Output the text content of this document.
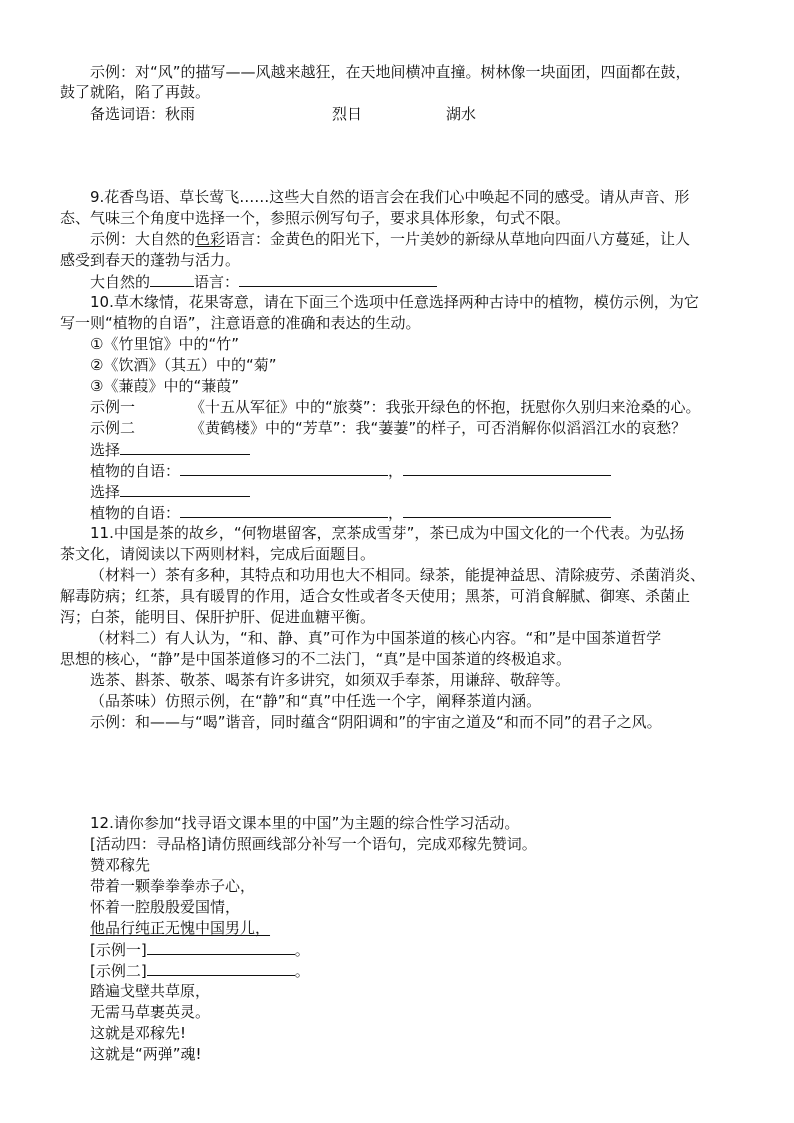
示例：对“风”的描写——风越来越狂，在天地间横冲直撞。树林像一块面团，四面都在鼓，
鼓了就陷，陷了再鼓。
备选词语：秋雨	烈日	湖水
9.花香鸟语、草长莺飞……这些大自然的语言会在我们心中唤起不同的感受。请从声音、形
态、气味三个角度中选择一个，参照示例写句子，要求具体形象，句式不限。
示例：大自然的色彩语言：金黄色的阳光下，一片美妙的新绿从草地向四面八方蔓延，让人
感受到春天的蓬勃与活力。
大自然的	语言：
10.草木缘情，花果寄意，请在下面三个选项中任意选择两种古诗中的植物，模仿示例，为它
写一则“植物的自语”，注意语意的准确和表达的生动。
①《竹里馆》中的“竹”
②《饮酒》（其五）中的“菊”
③《蒹葭》中的“蒹葭”
示例一	《十五从军征》中的“旅葵”：我张开绿色的怀抱，抚慰你久别归来沧桑的心。
示例二	《黄鹤楼》中的“芳草”：我“萋萋”的样子，可否消解你似滔滔江水的哀愁？
选择
植物的自语：	，
选择
植物的自语：	，
11.中国是茶的故乡，“何物堪留客，烹茶成雪芽”，茶已成为中国文化的一个代表。为弘扬
茶文化，请阅读以下两则材料，完成后面题目。
（材料一）茶有多种，其特点和功用也大不相同。绿茶，能提神益思、清除疲劳、杀菌消炎、
解毒防病；红茶，具有暖胃的作用，适合女性或者冬天使用；黑茶，可消食解腻、御寒、杀菌止
泻；白茶，能明目、保肝护肝、促进血糖平衡。
（材料二）有人认为，“和、静、真”可作为中国茶道的核心内容。“和”是中国茶道哲学
思想的核心，“静”是中国茶道修习的不二法门，“真”是中国茶道的终极追求。
选茶、斟茶、敬茶、喝茶有许多讲究，如须双手奉茶，用谦辞、敬辞等。
（品茶味）仿照示例，在“静”和“真”中任选一个字，阐释茶道内涵。
示例：和——与“喝”谐音，同时蕴含“阴阳调和”的宇宙之道及“和而不同”的君子之风。
12.请你参加“找寻语文课本里的中国”为主题的综合性学习活动。
[活动四：寻品格]请仿照画线部分补写一个语句，完成邓稼先赞词。
赞邓稼先
带着一颗拳拳拳赤子心，
怀着一腔殷殷爱国情，
他品行纯正无愧中国男儿，
[示例一]	。
[示例二]	。
踏遍戈壁共草原，
无需马草裹英灵。
这就是邓稼先!
这就是“两弹”魂!
